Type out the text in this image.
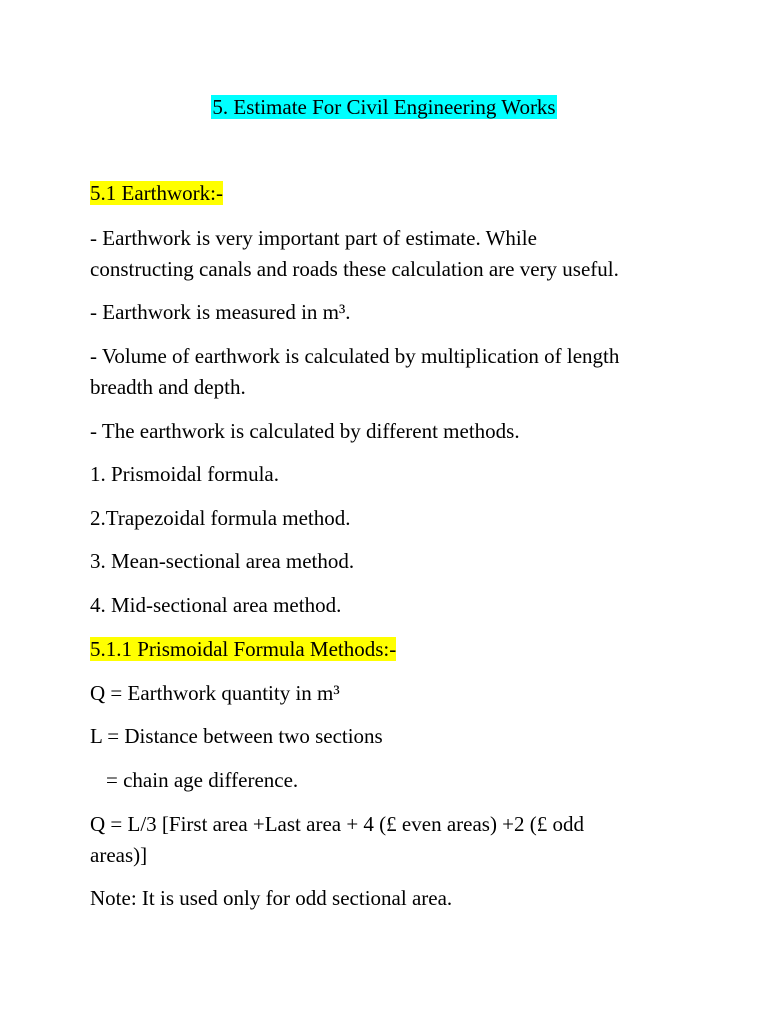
5. Estimate For Civil Engineering Works
5.1 Earthwork:-
- Earthwork is very important part of estimate. While
constructing canals and roads these calculation are very useful.
- Earthwork is measured in m³.
- Volume of earthwork is calculated by multiplication of length
breadth and depth.
- The earthwork is calculated by different methods.
1. Prismoidal formula.
2.Trapezoidal formula method.
3. Mean-sectional area method.
4. Mid-sectional area method.
5.1.1 Prismoidal Formula Methods:-
Q = Earthwork quantity in m³
L = Distance between two sections
= chain age difference.
Q = L/3 [First area +Last area + 4 (£ even areas) +2 (£ odd
areas)]
Note: It is used only for odd sectional area.
